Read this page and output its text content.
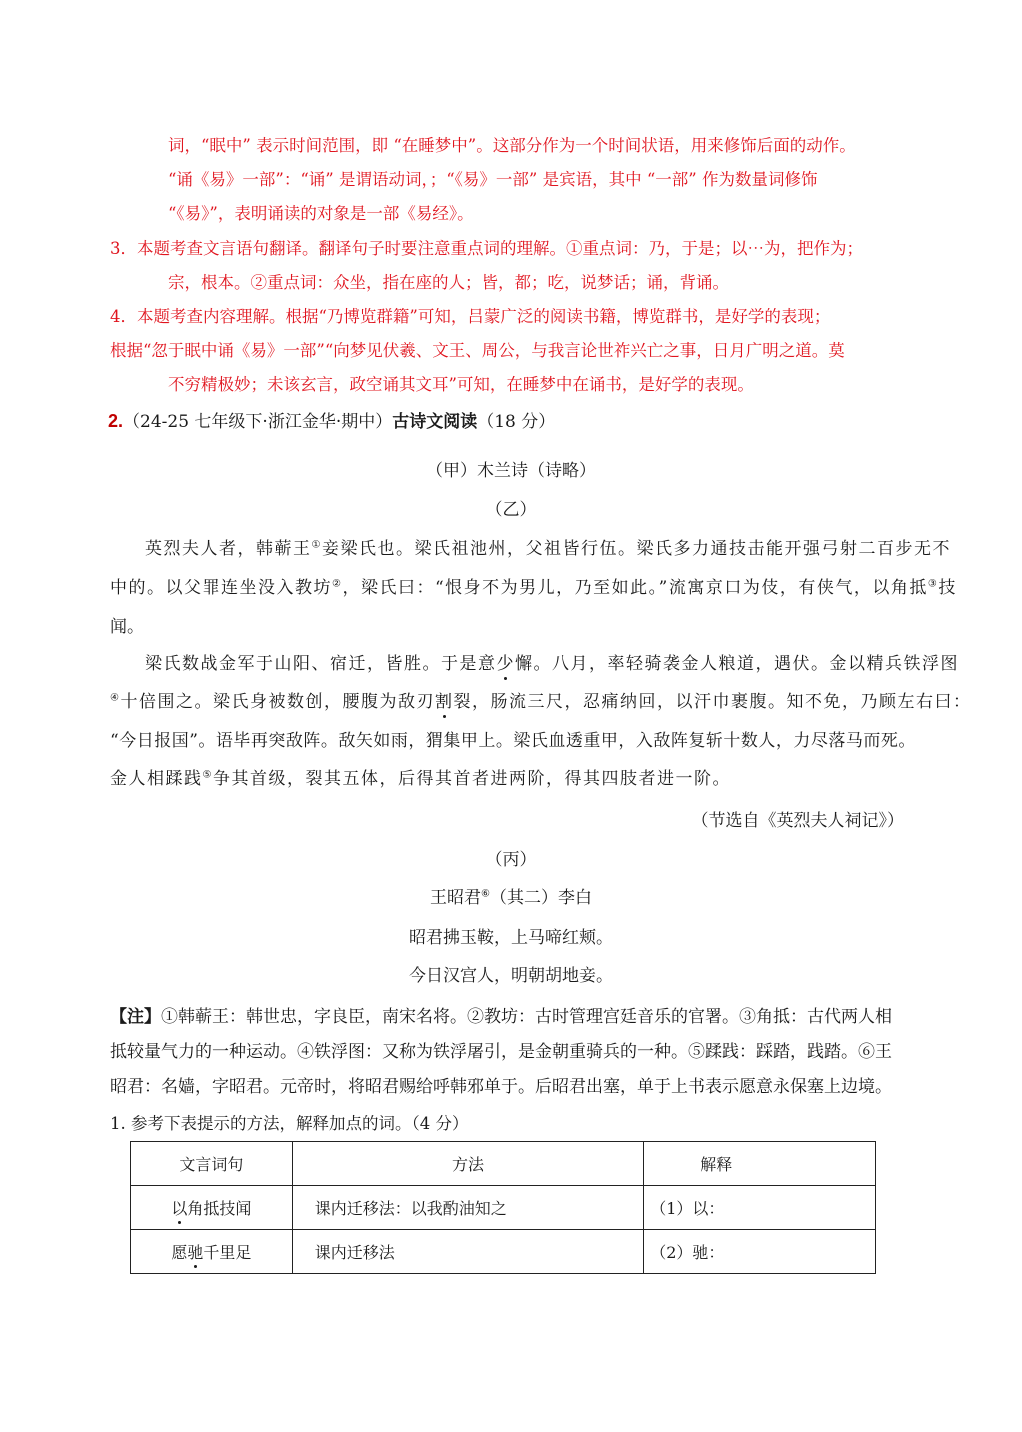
词，“眠中” 表示时间范围，即 “在睡梦中”。这部分作为一个时间状语，用来修饰后面的动作。
“诵《易》一部”：“诵” 是谓语动词，；“《易》一部” 是宾语，其中 “一部” 作为数量词修饰
“《易》”，表明诵读的对象是一部《易经》。
3．本题考查文言语句翻译。翻译句子时要注意重点词的理解。①重点词：乃，于是；以⋯为，把作为；
宗，根本。②重点词：众坐，指在座的人；皆，都；吃，说梦话；诵，背诵。
4．本题考查内容理解。根据“乃博览群籍”可知，吕蒙广泛的阅读书籍，博览群书，是好学的表现；
根据“忽于眠中诵《易》一部”“向梦见伏羲、文王、周公，与我言论世祚兴亡之事，日月广明之道。莫
不穷精极妙；未该玄言，政空诵其文耳”可知，在睡梦中在诵书，是好学的表现。
2.（24-25 七年级下·浙江金华·期中）古诗文阅读（18 分）
（甲）木兰诗（诗略）
（乙）
英烈夫人者，韩蕲王①妾梁氏也。梁氏祖池州，父祖皆行伍。梁氏多力通技击能开强弓射二百步无不
中的。以父罪连坐没入教坊②，梁氏曰：“恨身不为男儿，乃至如此。”流寓京口为伎，有侠气，以角抵③技
闻。
梁氏数战金军于山阳、宿迁，皆胜。于是意少懈。八月，率轻骑袭金人粮道，遇伏。金以精兵铁浮图
④十倍围之。梁氏身被数创，腰腹为敌刃割裂，肠流三尺，忍痛纳回，以汗巾裹腹。知不免，乃顾左右曰：
“今日报国”。语毕再突敌阵。敌矢如雨，猬集甲上。梁氏血透重甲，入敌阵复斩十数人，力尽落马而死。
金人相蹂践⑤争其首级，裂其五体，后得其首者进两阶，得其四肢者进一阶。
（节选自《英烈夫人祠记》）
（丙）
王昭君⑥（其二）李白
昭君拂玉鞍，上马啼红颊。
今日汉宫人，明朝胡地妾。
【注】①韩蕲王：韩世忠，字良臣，南宋名将。②教坊：古时管理宫廷音乐的官署。③角抵：古代两人相
抵较量气力的一种运动。④铁浮图：又称为铁浮屠引，是金朝重骑兵的一种。⑤蹂践：踩踏，践踏。⑥王
昭君：名嫱，字昭君。元帝时，将昭君赐给呼韩邪单于。后昭君出塞，单于上书表示愿意永保塞上边境。
1. 参考下表提示的方法，解释加点的词。（4 分）
文言词句	方法	解释
以角抵技闻	课内迁移法：以我酌油知之	（1）以：
愿驰千里足	课内迁移法	（2）驰：
